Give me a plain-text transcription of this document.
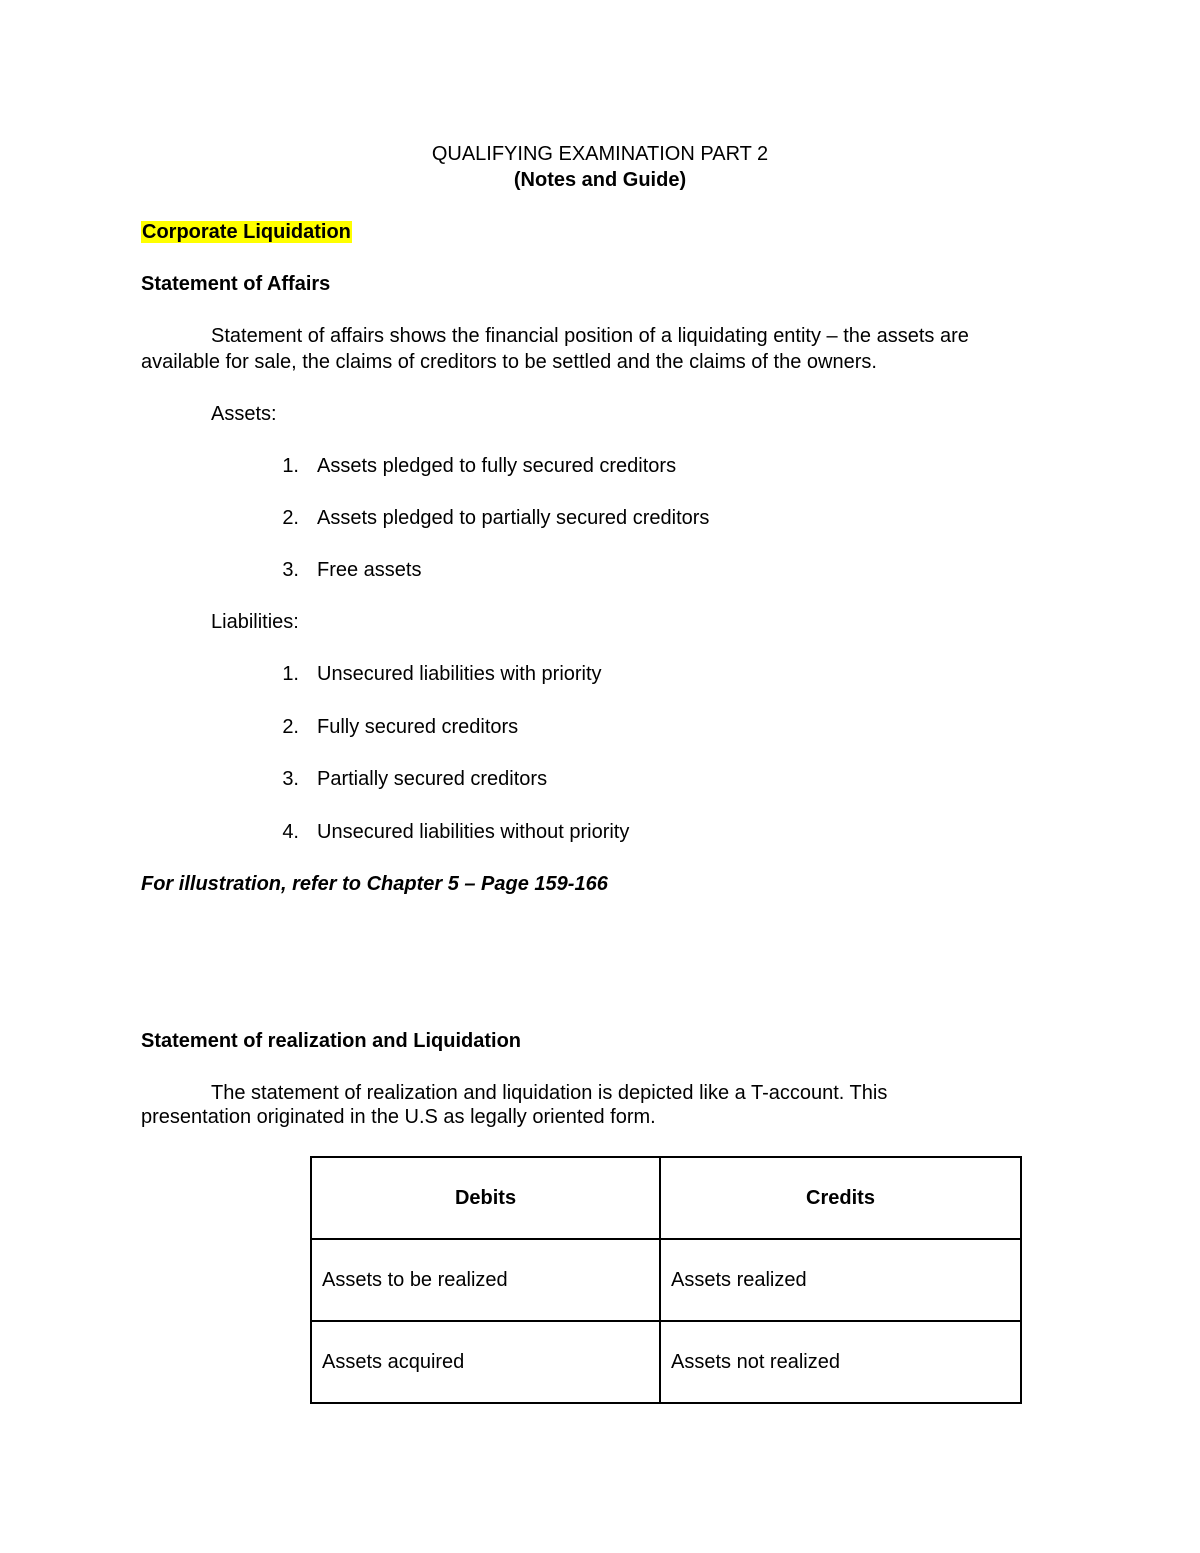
QUALIFYING EXAMINATION PART 2
(Notes and Guide)
Corporate Liquidation
Statement of Affairs
Statement of affairs shows the financial position of a liquidating entity – the assets are
available for sale, the claims of creditors to be settled and the claims of the owners.
Assets:
1. Assets pledged to fully secured creditors
2. Assets pledged to partially secured creditors
3. Free assets
Liabilities:
1. Unsecured liabilities with priority
2. Fully secured creditors
3. Partially secured creditors
4. Unsecured liabilities without priority
For illustration, refer to Chapter 5 – Page 159-166
Statement of realization and Liquidation
The statement of realization and liquidation is depicted like a T-account. This
presentation originated in the U.S as legally oriented form.
Debits	Credits
Assets to be realized	Assets realized
Assets acquired	Assets not realized
